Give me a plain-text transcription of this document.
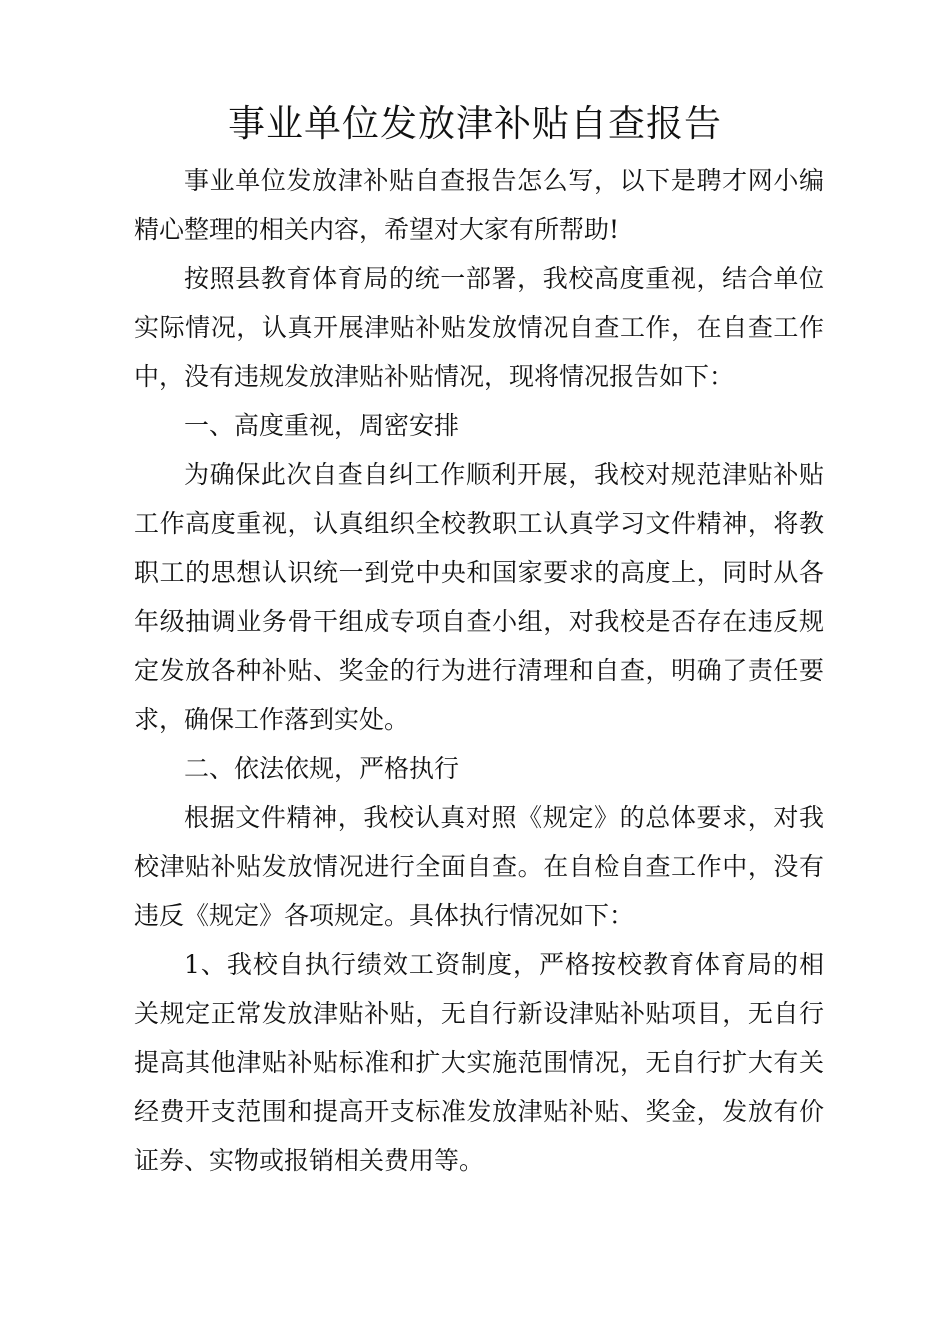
事业单位发放津补贴自查报告

事业单位发放津补贴自查报告怎么写，以下是聘才网小编精心整理的相关内容，希望对大家有所帮助!

按照县教育体育局的统一部署，我校高度重视，结合单位实际情况，认真开展津贴补贴发放情况自查工作，在自查工作中，没有违规发放津贴补贴情况，现将情况报告如下：

一、高度重视，周密安排

为确保此次自查自纠工作顺利开展，我校对规范津贴补贴工作高度重视，认真组织全校教职工认真学习文件精神，将教职工的思想认识统一到党中央和国家要求的高度上，同时从各年级抽调业务骨干组成专项自查小组，对我校是否存在违反规定发放各种补贴、奖金的行为进行清理和自查，明确了责任要求，确保工作落到实处。

二、依法依规，严格执行

根据文件精神，我校认真对照《规定》的总体要求，对我校津贴补贴发放情况进行全面自查。在自检自查工作中，没有违反《规定》各项规定。具体执行情况如下：

1、我校自执行绩效工资制度，严格按校教育体育局的相关规定正常发放津贴补贴，无自行新设津贴补贴项目，无自行提高其他津贴补贴标准和扩大实施范围情况，无自行扩大有关经费开支范围和提高开支标准发放津贴补贴、奖金，发放有价证券、实物或报销相关费用等。
